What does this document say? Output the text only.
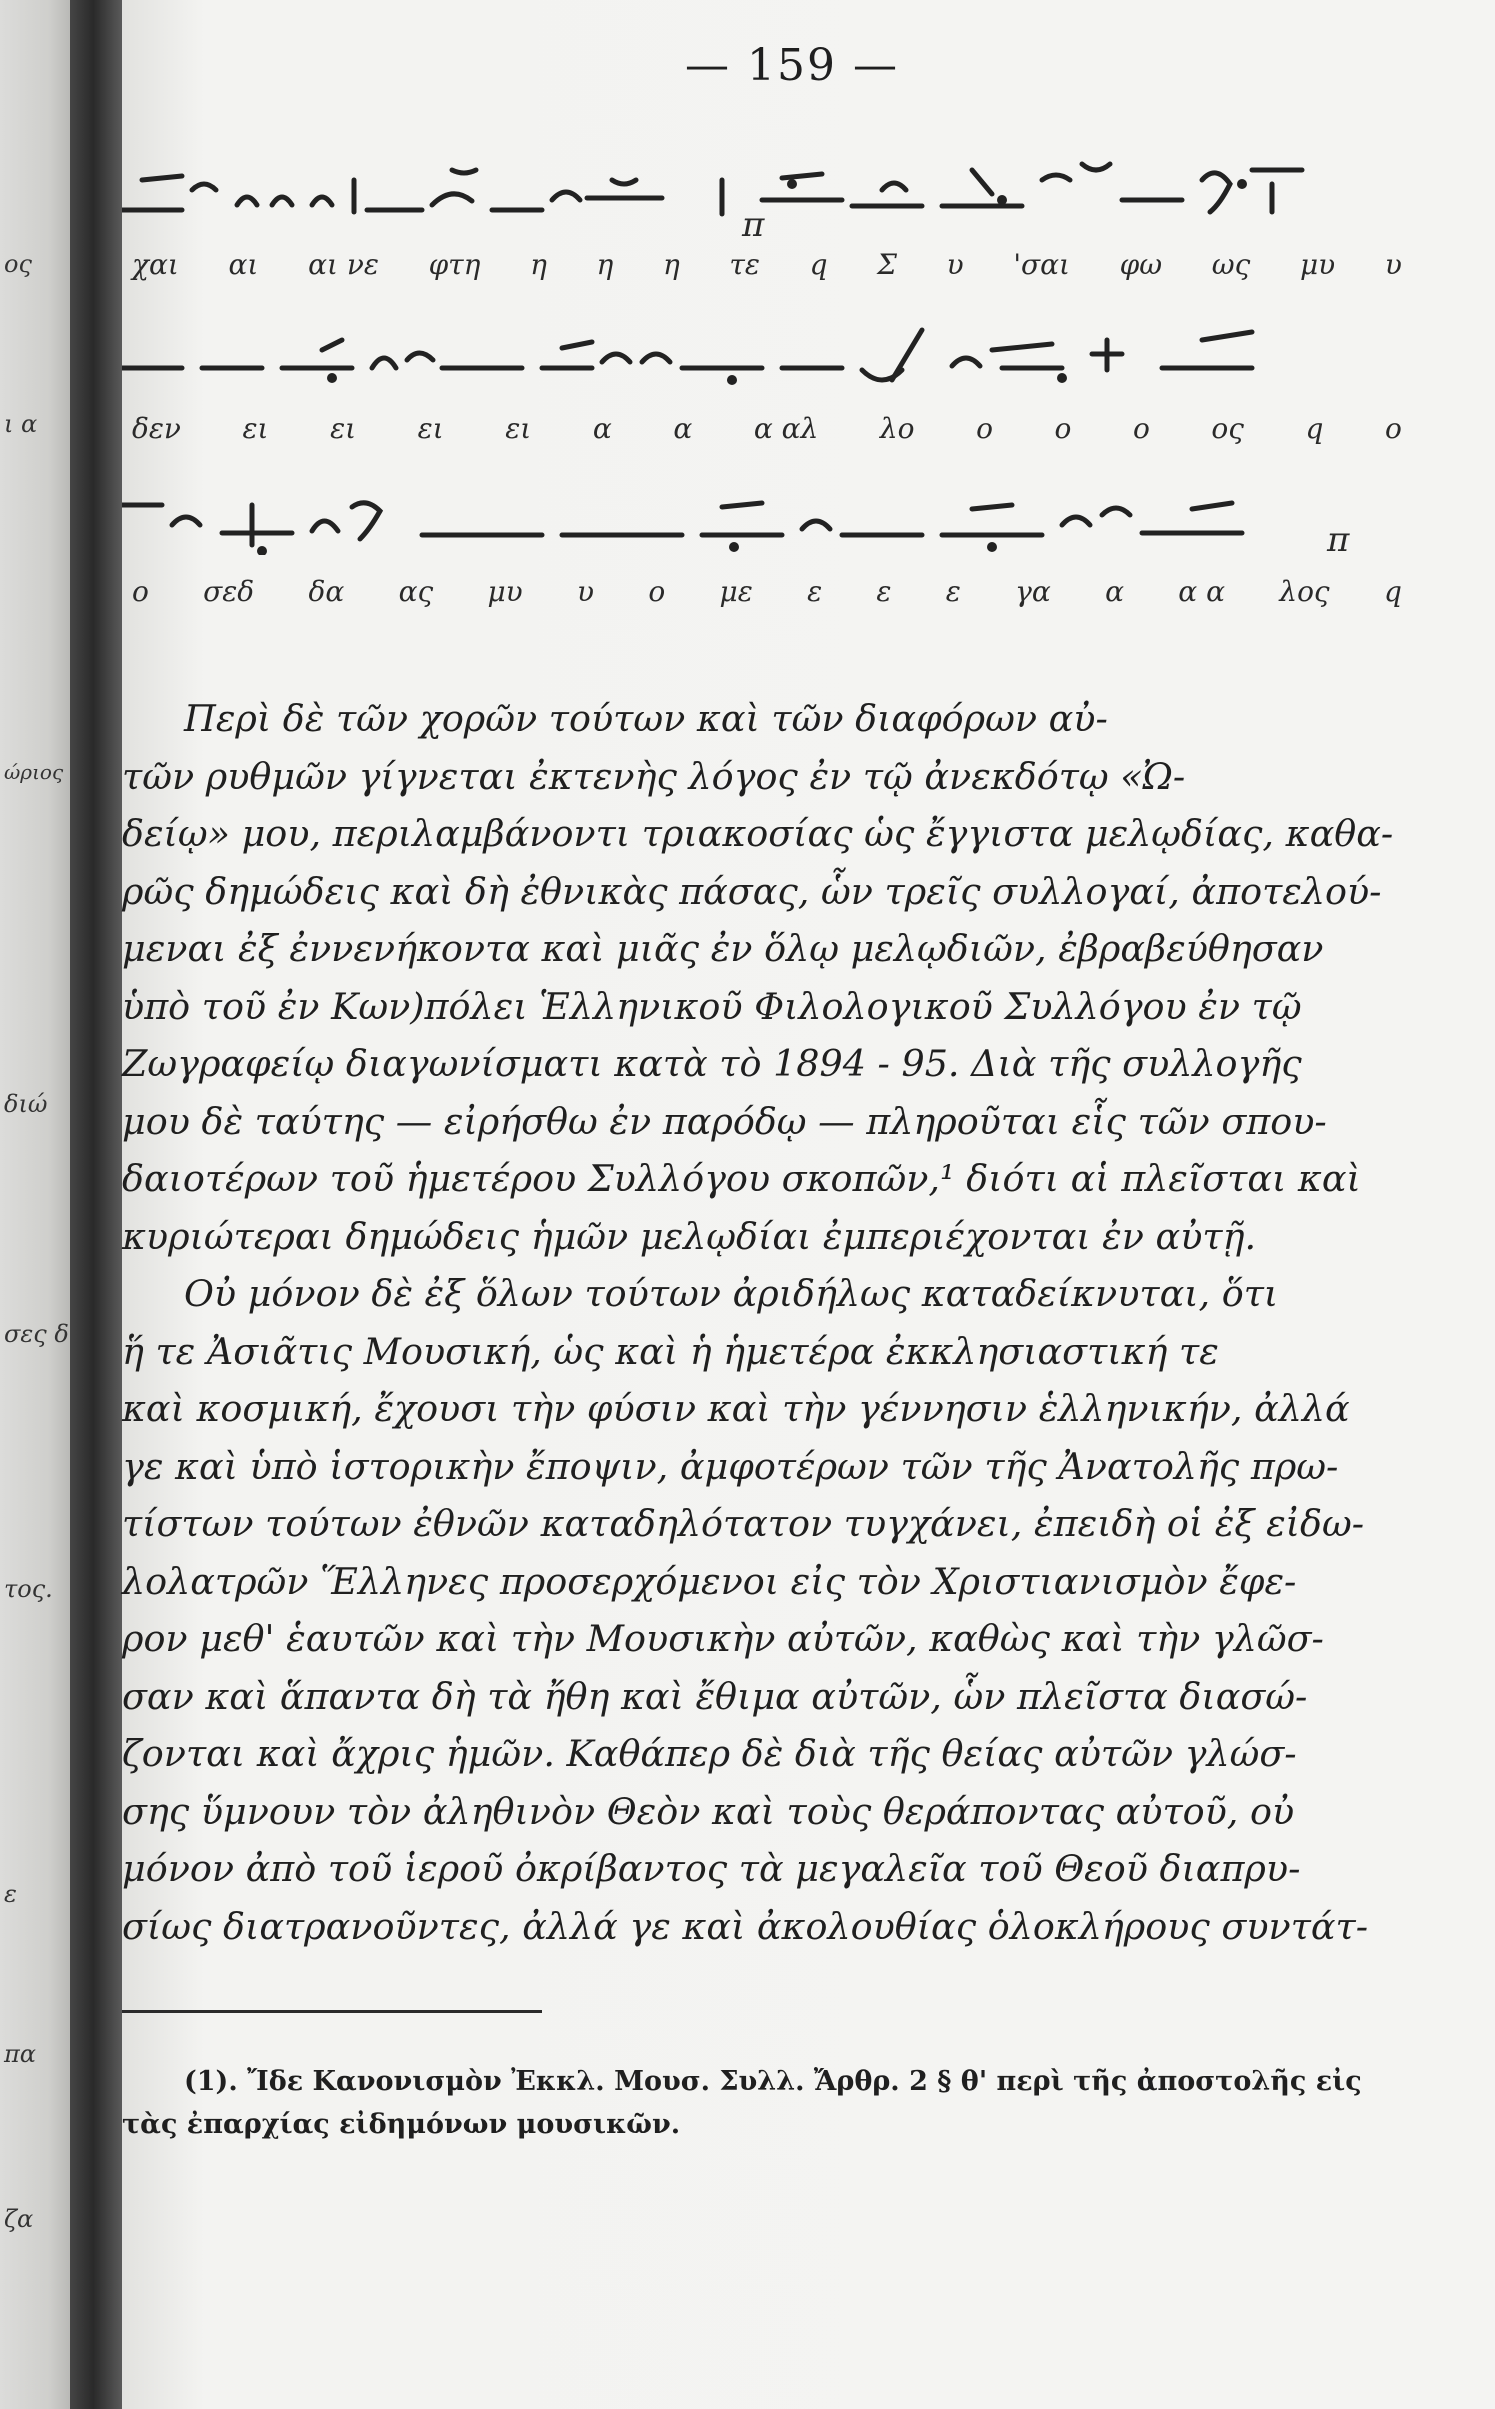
ος
ι α
ώριος
διώ
σες δ
τος.
ε
πα
ζα
— 159 —
π
χαι αι αι νε φτη η η η τε q Σ υ 'σαι φω ως μυ υ
δεν ει ει ει ει α α α αλ λο ο ο ο ος q ο
π
ο σεδ δα ας μυ υ ο με ε ε ε γα α α α λος q
Περὶ δὲ τῶν χορῶν τούτων καὶ τῶν διαφόρων αὐ-
τῶν ρυθμῶν γίγνεται ἐκτενὴς λόγος ἐν τῷ ἀνεκδότῳ «Ὠ-
δείῳ» μου, περιλαμβάνοντι τριακοσίας ὡς ἔγγιστα μελῳδίας, καθα-
ρῶς δημώδεις καὶ δὴ ἐθνικὰς πάσας, ὧν τρεῖς συλλογαί, ἀποτελού-
μεναι ἐξ ἐννενήκοντα καὶ μιᾶς ἐν ὅλῳ μελῳδιῶν, ἐβραβεύθησαν
ὑπὸ τοῦ ἐν Κων)πόλει Ἑλληνικοῦ Φιλολογικοῦ Συλλόγου ἐν τῷ
Ζωγραφείῳ διαγωνίσματι κατὰ τὸ 1894 - 95. Διὰ τῆς συλλογῆς
μου δὲ ταύτης — εἰρήσθω ἐν παρόδῳ — πληροῦται εἷς τῶν σπου-
δαιοτέρων τοῦ ἡμετέρου Συλλόγου σκοπῶν,¹ διότι αἱ πλεῖσται καὶ
κυριώτεραι δημώδεις ἡμῶν μελῳδίαι ἐμπεριέχονται ἐν αὐτῇ.
Οὐ μόνον δὲ ἐξ ὅλων τούτων ἀριδήλως καταδείκνυται, ὅτι
ἥ τε Ἀσιᾶτις Μουσική, ὡς καὶ ἡ ἡμετέρα ἐκκλησιαστική τε
καὶ κοσμική, ἔχουσι τὴν φύσιν καὶ τὴν γέννησιν ἑλληνικήν, ἀλλά
γε καὶ ὑπὸ ἱστορικὴν ἔποψιν, ἀμφοτέρων τῶν τῆς Ἀνατολῆς πρω-
τίστων τούτων ἐθνῶν καταδηλότατον τυγχάνει, ἐπειδὴ οἱ ἐξ εἰδω-
λολατρῶν Ἕλληνες προσερχόμενοι εἰς τὸν Χριστιανισμὸν ἔφε-
ρον μεθ' ἑαυτῶν καὶ τὴν Μουσικὴν αὐτῶν, καθὼς καὶ τὴν γλῶσ-
σαν καὶ ἅπαντα δὴ τὰ ἤθη καὶ ἔθιμα αὐτῶν, ὧν πλεῖστα διασώ-
ζονται καὶ ἄχρις ἡμῶν. Καθάπερ δὲ διὰ τῆς θείας αὐτῶν γλώσ-
σης ὕμνουν τὸν ἀληθινὸν Θεὸν καὶ τοὺς θεράποντας αὐτοῦ, οὐ
μόνον ἀπὸ τοῦ ἱεροῦ ὀκρίβαντος τὰ μεγαλεῖα τοῦ Θεοῦ διαπρυ-
σίως διατρανοῦντες, ἀλλά γε καὶ ἀκολουθίας ὁλοκλήρους συντάτ-
(1). Ἴδε Κανονισμὸν Ἐκκλ. Μουσ. Συλλ. Ἄρθρ. 2 § θ' περὶ τῆς ἀποστολῆς εἰς
τὰς ἐπαρχίας εἰδημόνων μουσικῶν.
